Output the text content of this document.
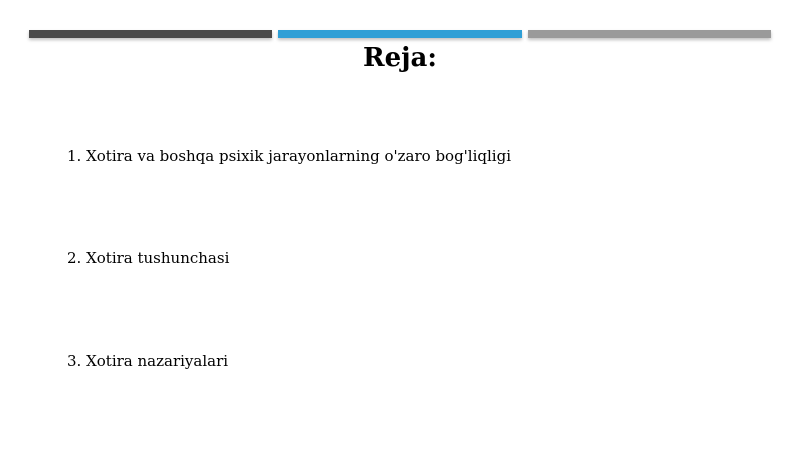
Reja:
1. Xotira va boshqa psixik jarayonlarning o'zaro bog'liqligi
2. Xotira tushunchasi
3. Xotira nazariyalari
